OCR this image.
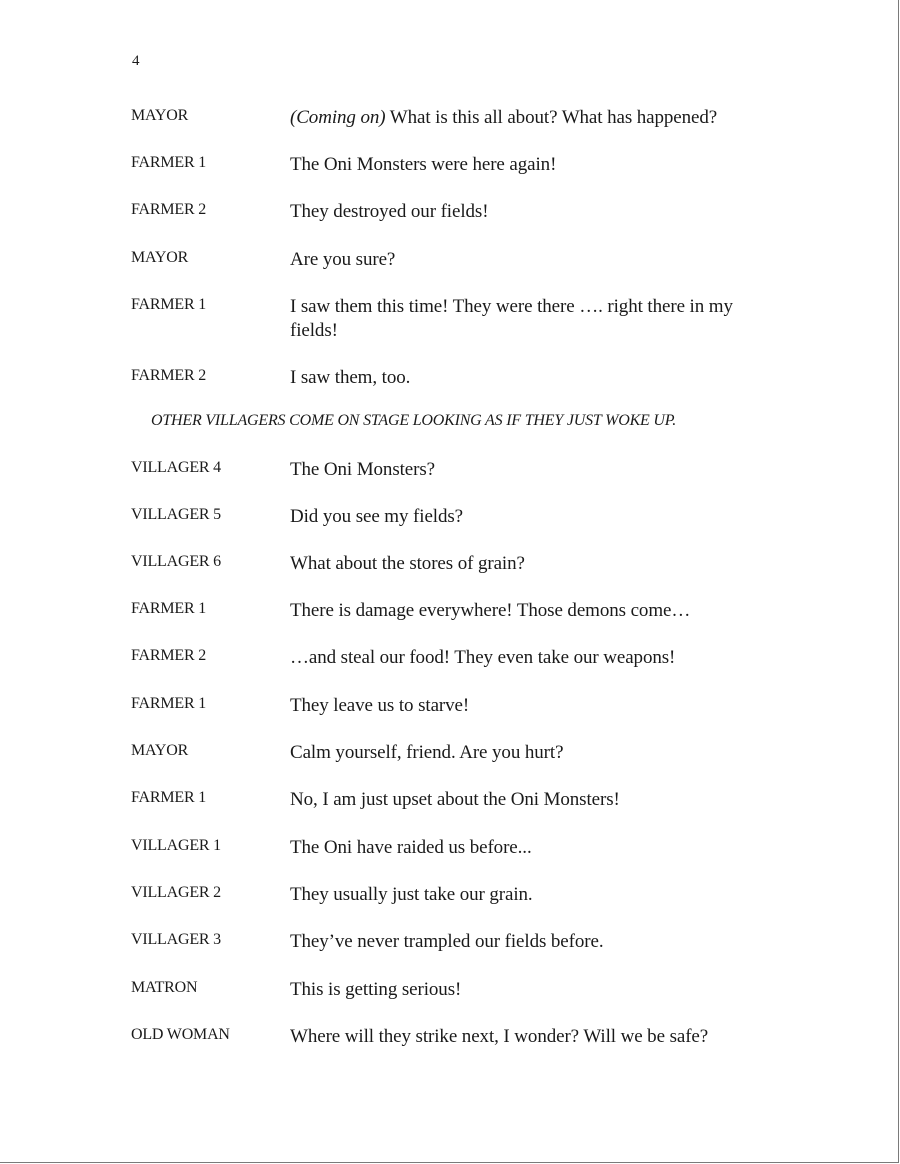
4
MAYOR	(Coming on) What is this all about? What has happened?
FARMER 1	The Oni Monsters were here again!
FARMER 2	They destroyed our fields!
MAYOR	Are you sure?
FARMER 1	I saw them this time! They were there …. right there in my fields!
FARMER 2	I saw them, too.
OTHER VILLAGERS COME ON STAGE LOOKING AS IF THEY JUST WOKE UP.
VILLAGER 4	The Oni Monsters?
VILLAGER 5	Did you see my fields?
VILLAGER 6	What about the stores of grain?
FARMER 1	There is damage everywhere! Those demons come…
FARMER 2	…and steal our food! They even take our weapons!
FARMER 1	They leave us to starve!
MAYOR	Calm yourself, friend. Are you hurt?
FARMER 1	No, I am just upset about the Oni Monsters!
VILLAGER 1	The Oni have raided us before...
VILLAGER 2	They usually just take our grain.
VILLAGER 3	They’ve never trampled our fields before.
MATRON	This is getting serious!
OLD WOMAN	Where will they strike next, I wonder? Will we be safe?
